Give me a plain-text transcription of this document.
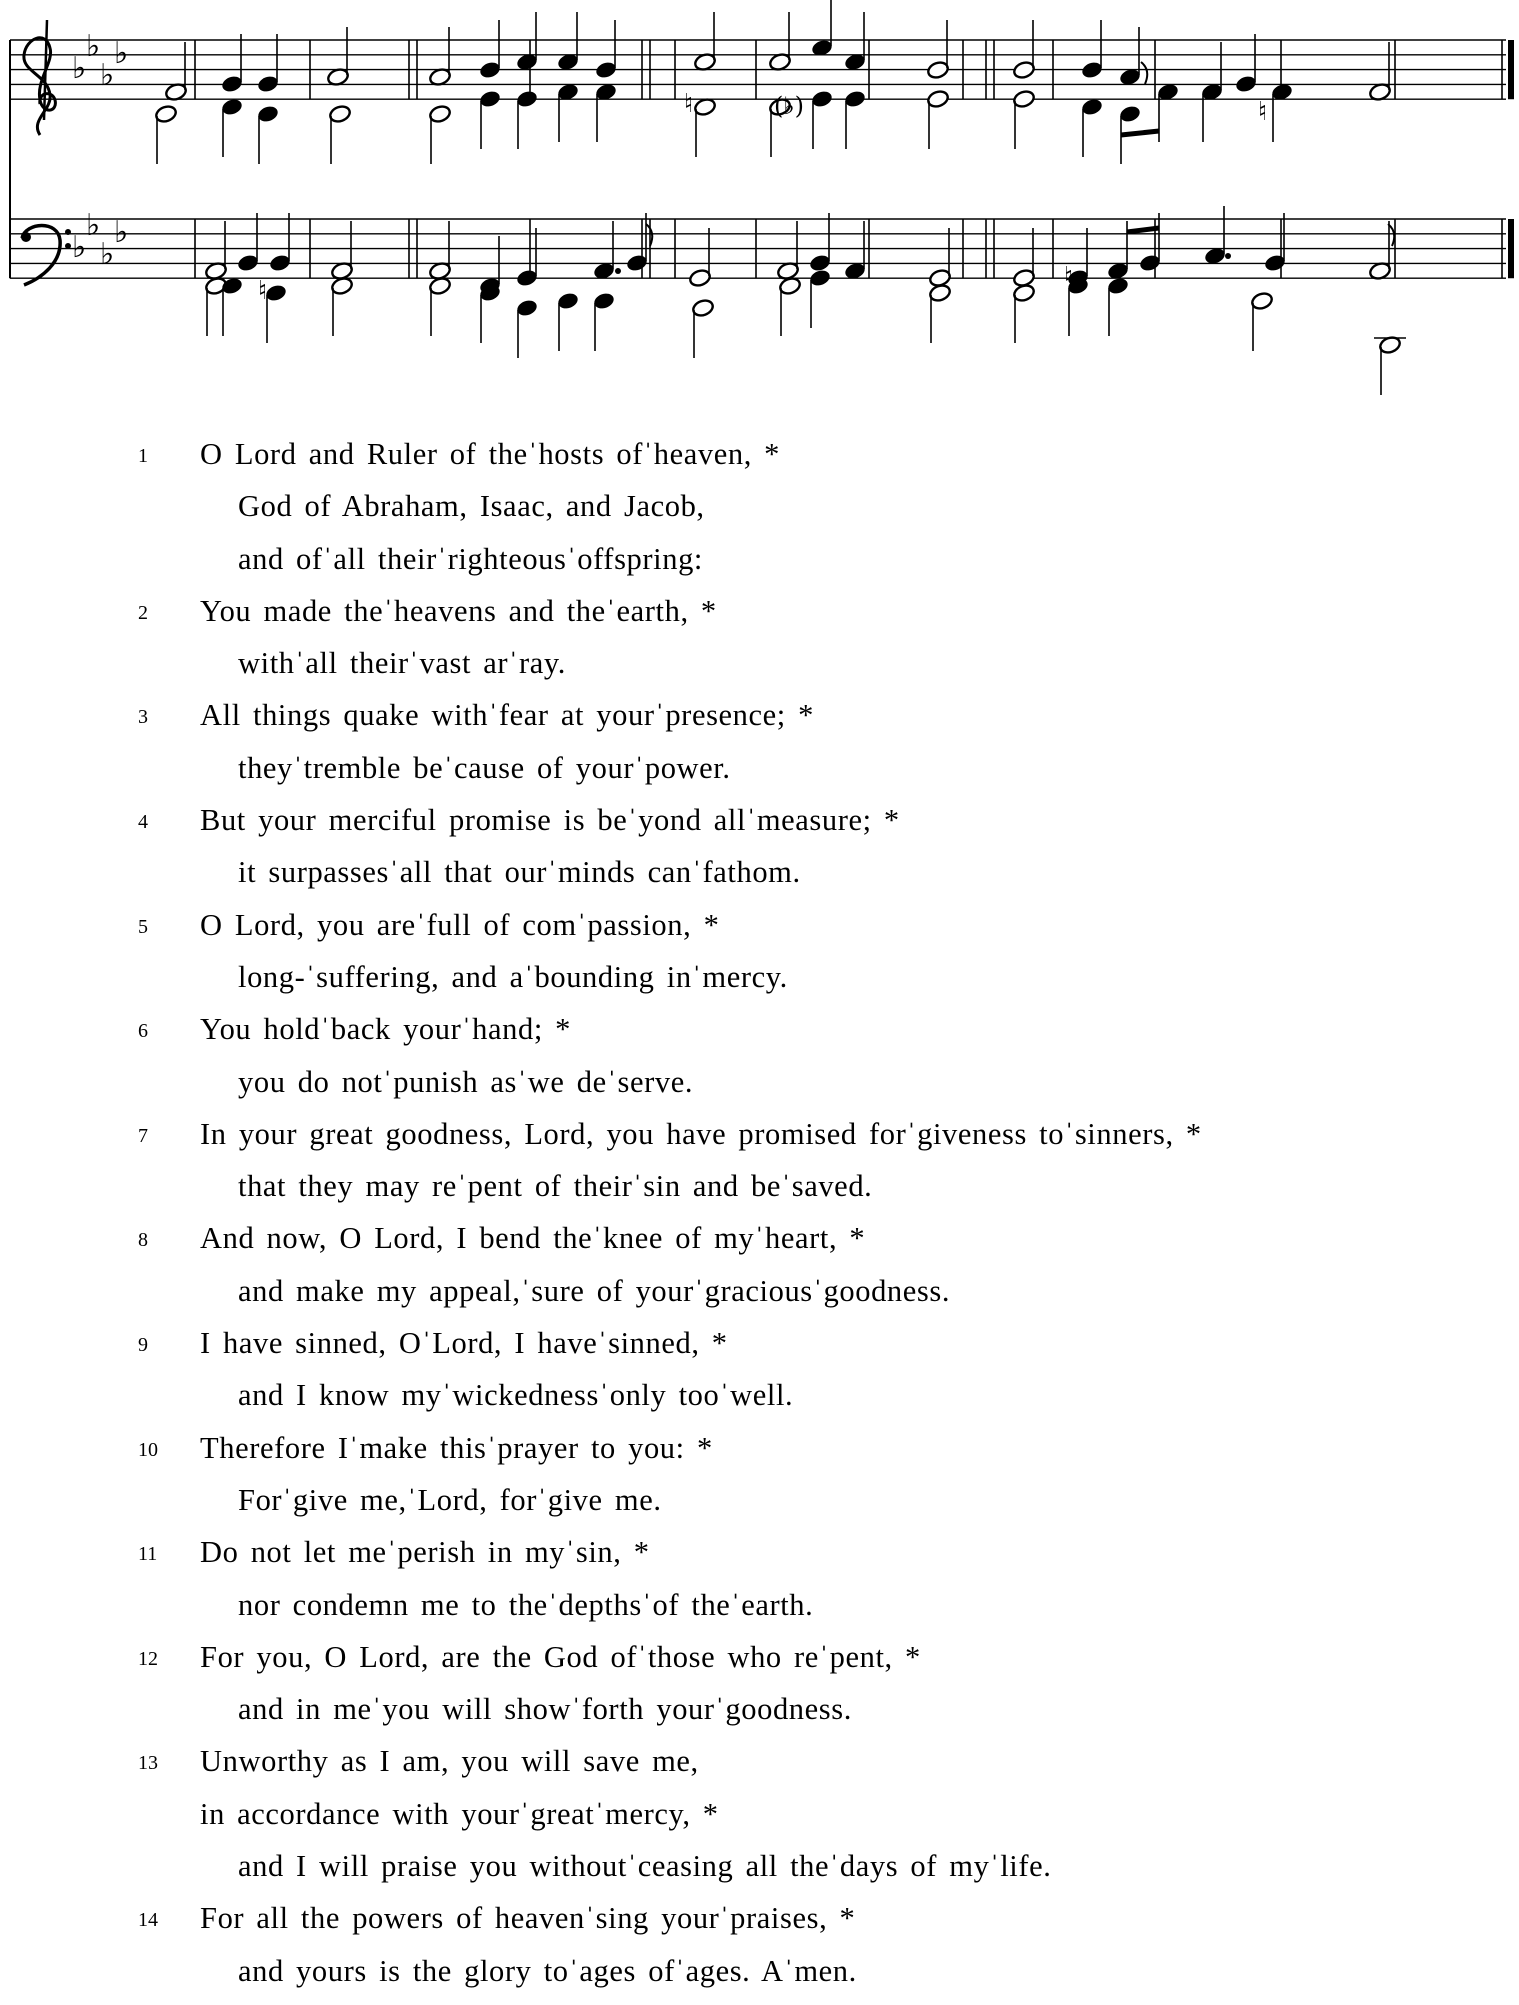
♭
♭
♭
♭
♭
♭
♭
♭
♮	♮
♮	♮
(♭)
1 O Lord and Ruler of theˈhosts ofˈheaven, *
God of Abraham, Isaac, and Jacob,
and ofˈall theirˈrighteousˈoffspring:
2 You made theˈheavens and theˈearth, *
withˈall theirˈvast arˈray.
3 All things quake withˈfear at yourˈpresence; *
theyˈtremble beˈcause of yourˈpower.
4 But your merciful promise is beˈyond allˈmeasure; *
it surpassesˈall that ourˈminds canˈfathom.
5 O Lord, you areˈfull of comˈpassion, *
long-ˈsuffering, and aˈbounding inˈmercy.
6 You holdˈback yourˈhand; *
you do notˈpunish asˈwe deˈserve.
7 In your great goodness, Lord, you have promised forˈgiveness toˈsinners, *
that they may reˈpent of theirˈsin and beˈsaved.
8 And now, O Lord, I bend theˈknee of myˈheart, *
and make my appeal,ˈsure of yourˈgraciousˈgoodness.
9 I have sinned, OˈLord, I haveˈsinned, *
and I know myˈwickednessˈonly tooˈwell.
10 Therefore Iˈmake thisˈprayer to you: *
Forˈgive me,ˈLord, forˈgive me.
11 Do not let meˈperish in myˈsin, *
nor condemn me to theˈdepthsˈof theˈearth.
12 For you, O Lord, are the God ofˈthose who reˈpent, *
and in meˈyou will showˈforth yourˈgoodness.
13 Unworthy as I am, you will save me,
in accordance with yourˈgreatˈmercy, *
and I will praise you withoutˈceasing all theˈdays of myˈlife.
14 For all the powers of heavenˈsing yourˈpraises, *
and yours is the glory toˈages ofˈages. Aˈmen.
